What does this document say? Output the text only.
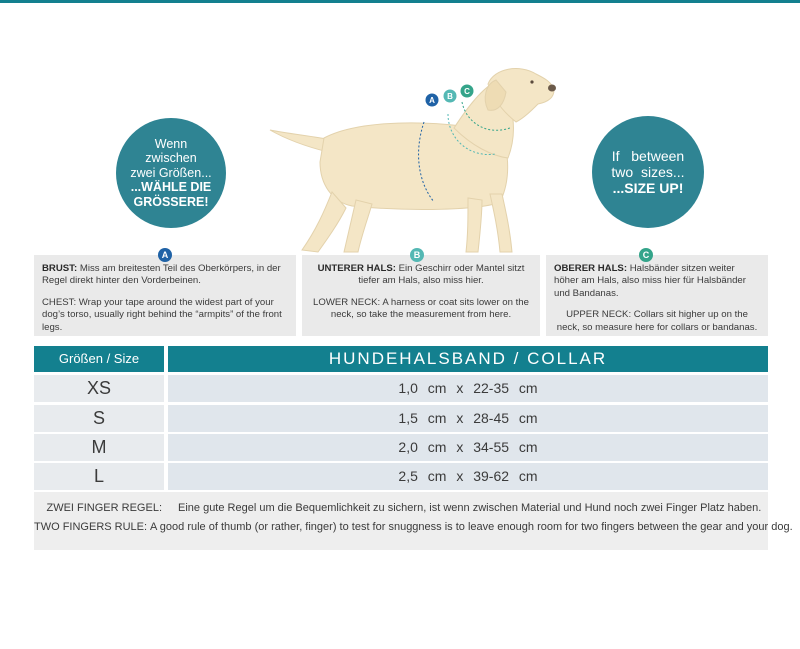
Wenn
zwischen
zwei Größen...
...WÄHLE DIE
GRÖSSERE!
If   between
two  sizes...
...SIZE UP!
A B
C

BRUST: Miss am breitesten Teil des Oberkörpers, in der Regel direkt hinter den Vorderbeinen.

CHEST: Wrap your tape around the widest part of your dog’s torso, usually right behind the “armpits” of the front legs.

UNTERER HALS: Ein Geschirr oder Mantel sitzt tiefer am Hals, also miss hier.

LOWER NECK: A harness or coat sits lower on the neck, so take the measurement from here.

OBERER HALS: Halsbänder sitzen weiter höher am Hals, also miss hier für Halsbänder und Bandanas.

UPPER NECK: Collars sit higher up on the neck, so measure here for collars or bandanas.

A	B	C
Größen / Size	HUNDEHALSBAND / COLLAR
XS	1,0 cm x 22-35 cm
S	1,5 cm x 28-45 cm
M	2,0 cm x 34-55 cm
L	2,5 cm x 39-62 cm
ZWEI FINGER REGEL: Eine gute Regel um die Bequemlichkeit zu sichern, ist wenn zwischen Material und Hund noch zwei Finger Platz haben.
TWO FINGERS RULE: A good rule of thumb (or rather, finger) to test for snuggness is to leave enough room for two fingers between the gear and your dog.
